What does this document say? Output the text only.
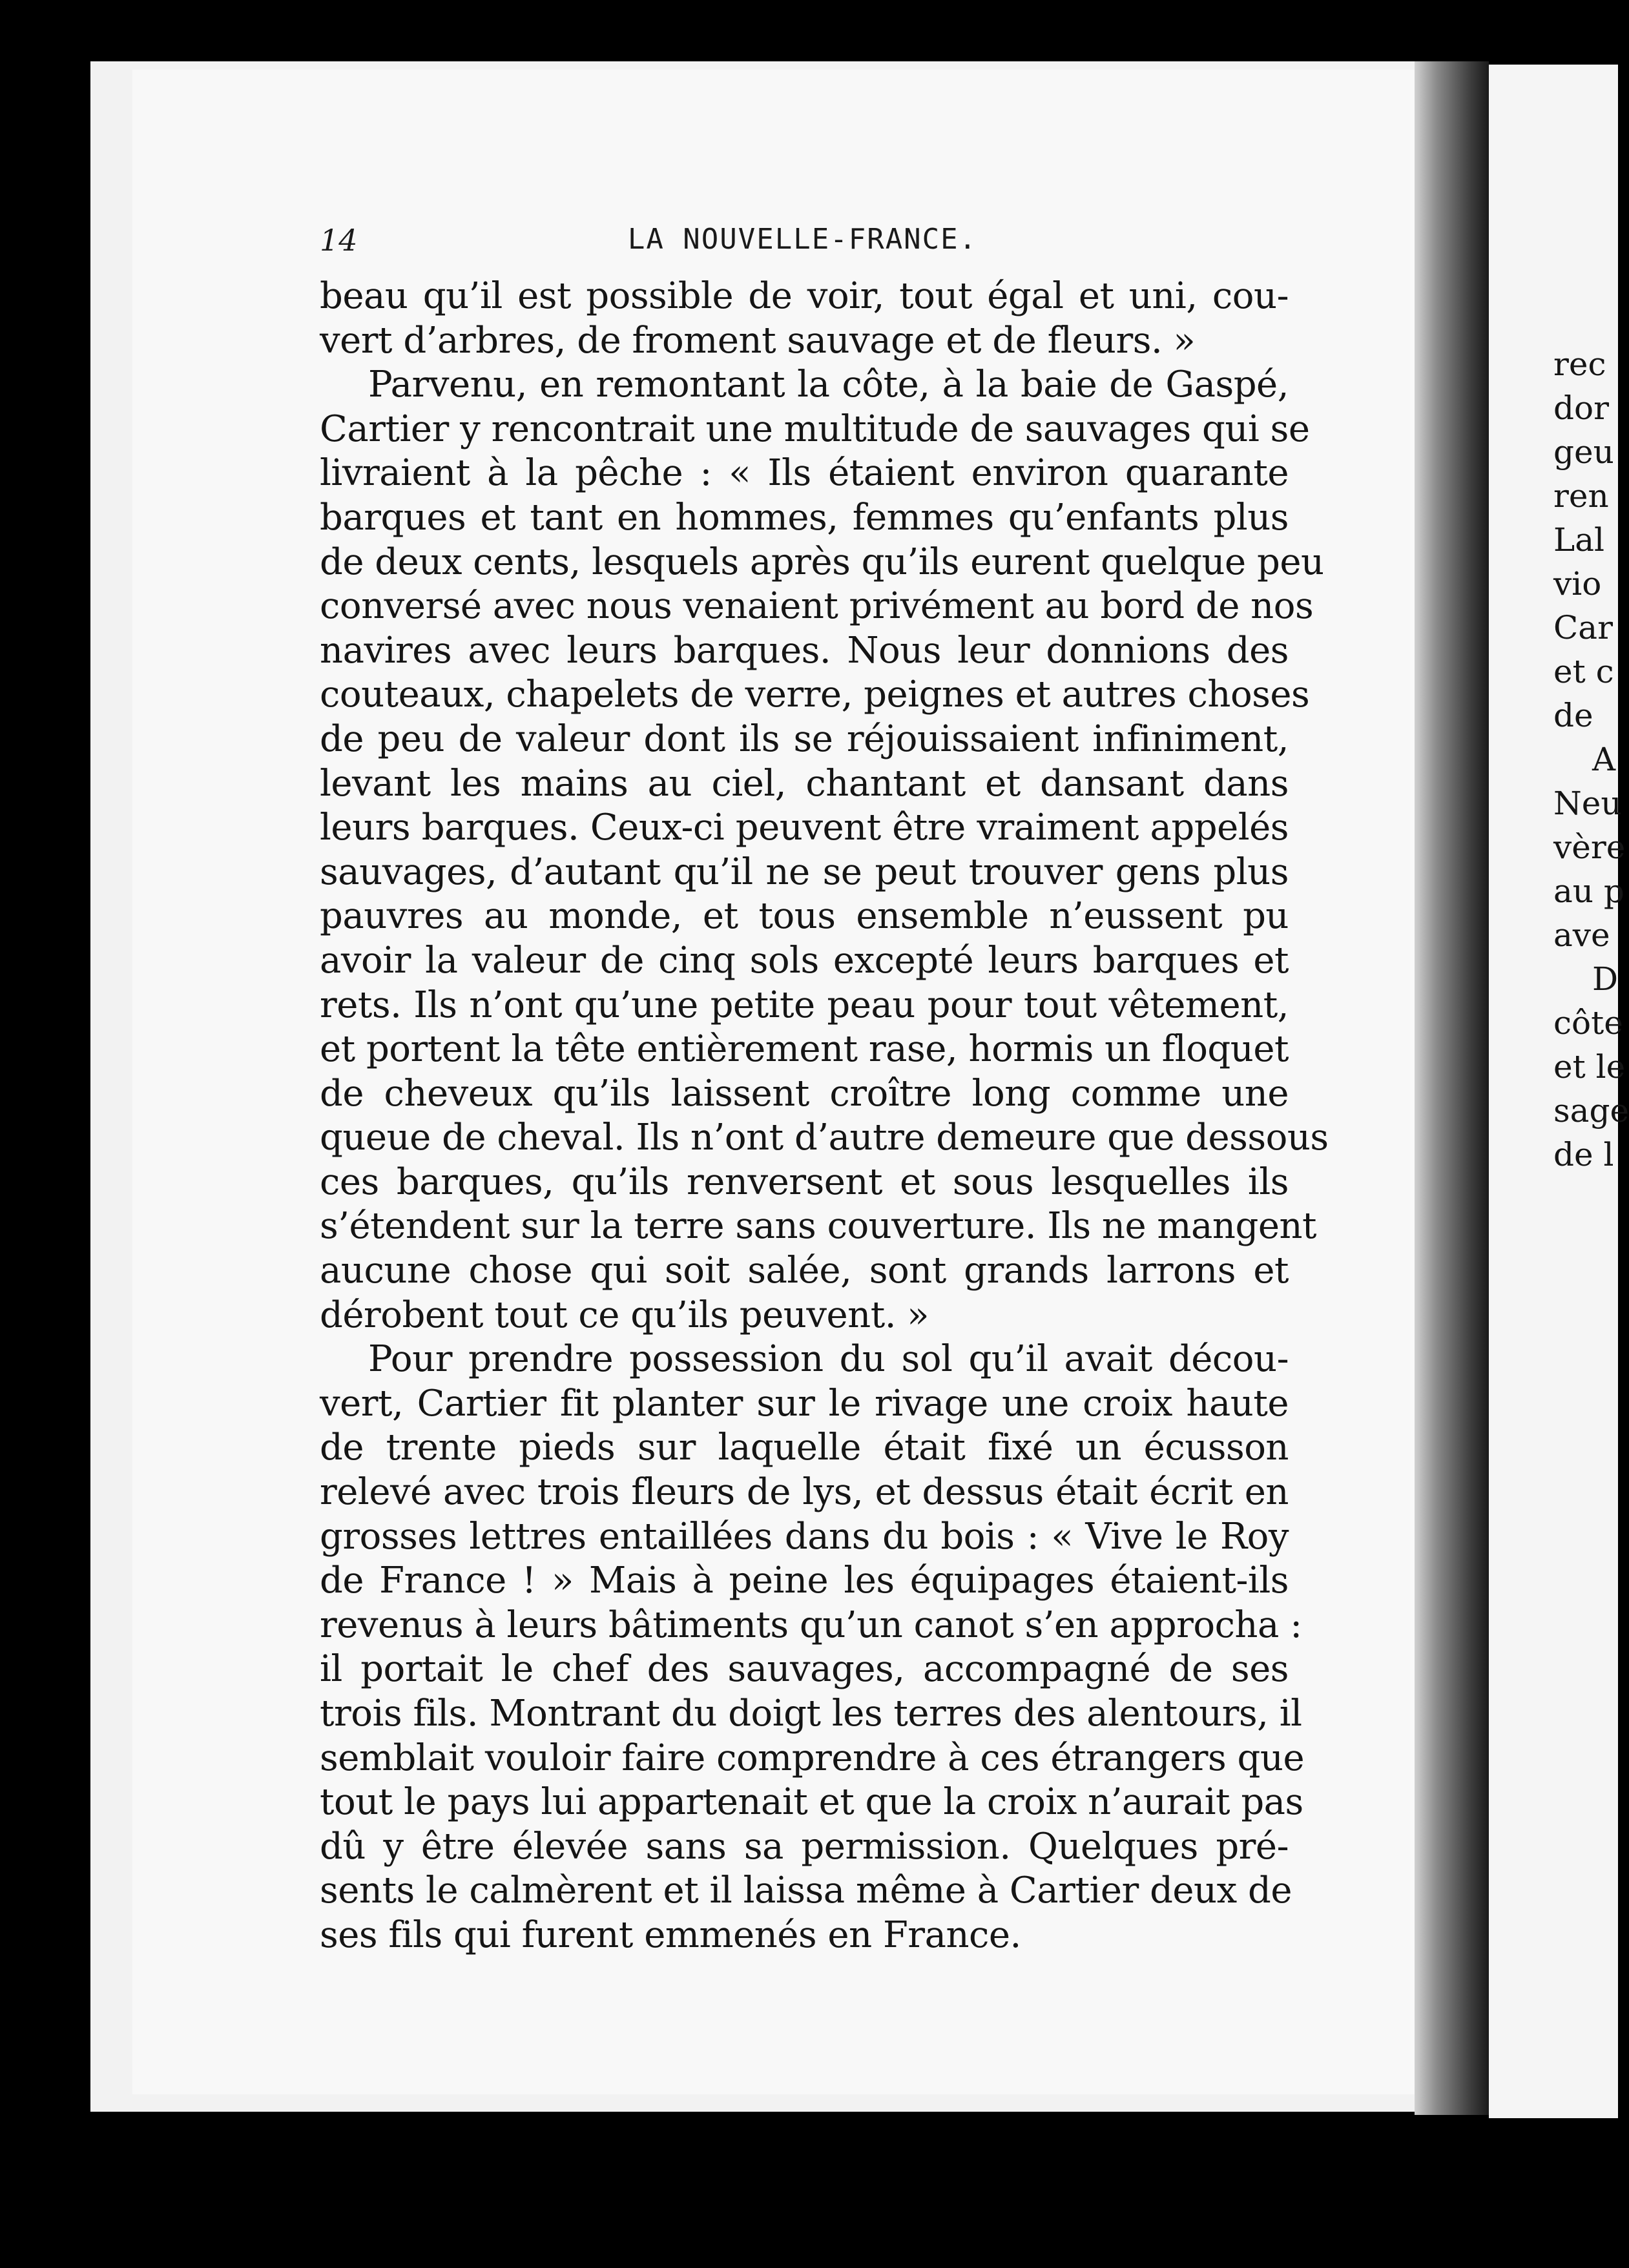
14	LA NOUVELLE-FRANCE.
beau qu’il est possible de voir, tout égal et uni, cou-
vert d’arbres, de froment sauvage et de fleurs. »
Parvenu, en remontant la côte, à la baie de Gaspé,
Cartier y rencontrait une multitude de sauvages qui se
livraient à la pêche : « Ils étaient environ quarante
barques et tant en hommes, femmes qu’enfants plus
de deux cents, lesquels après qu’ils eurent quelque peu
conversé avec nous venaient privément au bord de nos
navires avec leurs barques. Nous leur donnions des
couteaux, chapelets de verre, peignes et autres choses
de peu de valeur dont ils se réjouissaient infiniment,
levant les mains au ciel, chantant et dansant dans
leurs barques. Ceux-ci peuvent être vraiment appelés
sauvages, d’autant qu’il ne se peut trouver gens plus
pauvres au monde, et tous ensemble n’eussent pu
avoir la valeur de cinq sols excepté leurs barques et
rets. Ils n’ont qu’une petite peau pour tout vêtement,
et portent la tête entièrement rase, hormis un floquet
de cheveux qu’ils laissent croître long comme une
queue de cheval. Ils n’ont d’autre demeure que dessous
ces barques, qu’ils renversent et sous lesquelles ils
s’étendent sur la terre sans couverture. Ils ne mangent
aucune chose qui soit salée, sont grands larrons et
dérobent tout ce qu’ils peuvent. »
Pour prendre possession du sol qu’il avait décou-
vert, Cartier fit planter sur le rivage une croix haute
de trente pieds sur laquelle était fixé un écusson
relevé avec trois fleurs de lys, et dessus était écrit en
grosses lettres entaillées dans du bois : « Vive le Roy
de France ! » Mais à peine les équipages étaient-ils
revenus à leurs bâtiments qu’un canot s’en approcha :
il portait le chef des sauvages, accompagné de ses
trois fils. Montrant du doigt les terres des alentours, il
semblait vouloir faire comprendre à ces étrangers que
tout le pays lui appartenait et que la croix n’aurait pas
dû y être élevée sans sa permission. Quelques pré-
sents le calmèrent et il laissa même à Cartier deux de
ses fils qui furent emmenés en France.
rec
dor
geu
ren
Lal
vio
Car
et c
de
A
Neu
vère
au p
ave
D
côte
et le
sage
de l
